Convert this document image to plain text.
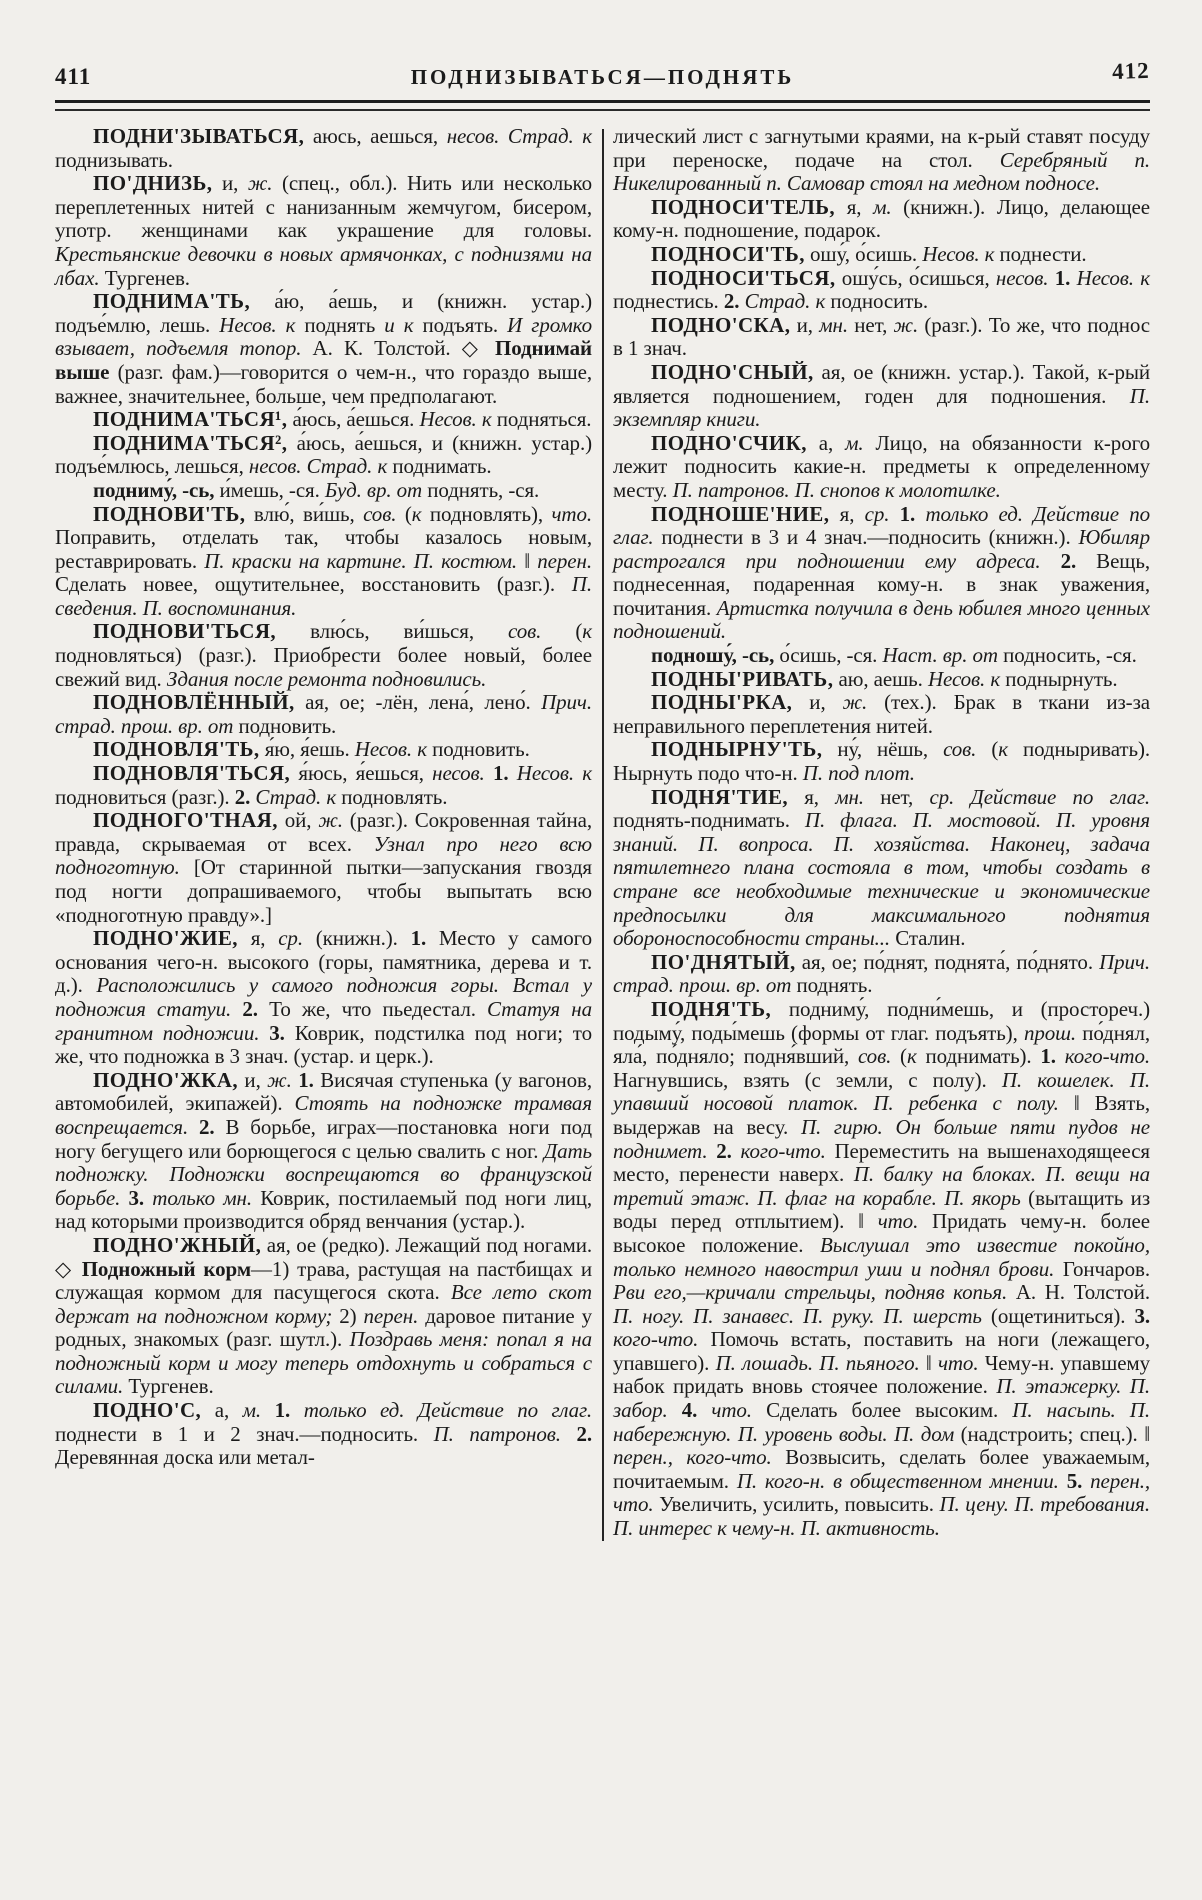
411	ПОДНИЗЫВАТЬСЯ—ПОДНЯТЬ	412

ПОДНИ'ЗЫВАТЬСЯ, аюсь, аешься, несов. Страд. к поднизывать.

ПО'ДНИЗЬ, и, ж. (спец., обл.). Нить или несколько переплетенных нитей с нанизанным жемчугом, бисером, употр. женщинами как украшение для головы. Крестьянские девочки в новых армячонках, с поднизями на лбах. Тургенев.

ПОДНИМА'ТЬ, а́ю, а́ешь, и (книжн. устар.) подъе́млю, лешь. Несов. к поднять и к подъять. И громко взывает, подъемля топор. А. К. Толстой. ◇ Поднимай выше (разг. фам.)—говорится о чем-н., что гораздо выше, важнее, значительнее, больше, чем предполагают.

ПОДНИМА'ТЬСЯ¹, а́юсь, а́ешься. Несов. к подняться.

ПОДНИМА'ТЬСЯ², а́юсь, а́ешься, и (книжн. устар.) подъе́млюсь, лешься, несов. Страд. к поднимать.

подниму́, -сь, и́мешь, -ся. Буд. вр. от поднять, -ся.

ПОДНОВИ'ТЬ, влю́, ви́шь, сов. (к подновлять), что. Поправить, отделать так, чтобы казалось новым, реставрировать. П. краски на картине. П. костюм. ‖ перен. Сделать новее, ощутительнее, восстановить (разг.). П. сведения. П. воспоминания.

ПОДНОВИ'ТЬСЯ, влю́сь, ви́шься, сов. (к подновляться) (разг.). Приобрести более новый, более свежий вид. Здания после ремонта подновились.

ПОДНОВЛЁННЫЙ, ая, ое; -лён, лена́, лено́. Прич. страд. прош. вр. от подновить.

ПОДНОВЛЯ'ТЬ, я́ю, я́ешь. Несов. к подновить.

ПОДНОВЛЯ'ТЬСЯ, я́юсь, я́ешься, несов. 1. Несов. к подновиться (разг.). 2. Страд. к подновлять.

ПОДНОГО'ТНАЯ, ой, ж. (разг.). Сокровенная тайна, правда, скрываемая от всех. Узнал про него всю подноготную. [От старинной пытки—запускания гвоздя под ногти допрашиваемого, чтобы выпытать всю «подноготную правду».]

ПОДНО'ЖИЕ, я, ср. (книжн.). 1. Место у самого основания чего-н. высокого (горы, памятника, дерева и т. д.). Расположились у самого подножия горы. Встал у подножия статуи. 2. То же, что пьедестал. Статуя на гранитном подножии. 3. Коврик, подстилка под ноги; то же, что подножка в 3 знач. (устар. и церк.).

ПОДНО'ЖКА, и, ж. 1. Висячая ступенька (у вагонов, автомобилей, экипажей). Стоять на подножке трамвая воспрещается. 2. В борьбе, играх—постановка ноги под ногу бегущего или борющегося с целью свалить с ног. Дать подножку. Подножки воспрещаются во французской борьбе. 3. только мн. Коврик, постилаемый под ноги лиц, над которыми производится обряд венчания (устар.).

ПОДНО'ЖНЫЙ, ая, ое (редко). Лежащий под ногами. ◇ Подножный корм—1) трава, растущая на пастбищах и служащая кормом для пасущегося скота. Все лето скот держат на подножном корму; 2) перен. даровое питание у родных, знакомых (разг. шутл.). Поздравь меня: попал я на подножный корм и могу теперь отдохнуть и собраться с силами. Тургенев.

ПОДНО'С, а, м. 1. только ед. Действие по глаг. поднести в 1 и 2 знач.—подносить. П. патронов. 2. Деревянная доска или метал-

лический лист с загнутыми краями, на к-рый ставят посуду при переноске, подаче на стол. Серебряный п. Никелированный п. Самовар стоял на медном подносе.

ПОДНОСИ'ТЕЛЬ, я, м. (книжн.). Лицо, делающее кому-н. подношение, подарок.

ПОДНОСИ'ТЬ, ошу́, о́сишь. Несов. к поднести.

ПОДНОСИ'ТЬСЯ, ошу́сь, о́сишься, несов. 1. Несов. к поднестись. 2. Страд. к подносить.

ПОДНО'СКА, и, мн. нет, ж. (разг.). То же, что поднос в 1 знач.

ПОДНО'СНЫЙ, ая, ое (книжн. устар.). Такой, к-рый является подношением, годен для подношения. П. экземпляр книги.

ПОДНО'СЧИК, а, м. Лицо, на обязанности к-рого лежит подносить какие-н. предметы к определенному месту. П. патронов. П. снопов к молотилке.

ПОДНОШЕ'НИЕ, я, ср. 1. только ед. Действие по глаг. поднести в 3 и 4 знач.—подносить (книжн.). Юбиляр растрогался при подношении ему адреса. 2. Вещь, поднесенная, подаренная кому-н. в знак уважения, почитания. Артистка получила в день юбилея много ценных подношений.

подношу́, -сь, о́сишь, -ся. Наст. вр. от подносить, -ся.

ПОДНЫ'РИВАТЬ, аю, аешь. Несов. к поднырнуть.

ПОДНЫ'РКА, и, ж. (тех.). Брак в ткани из-за неправильного переплетения нитей.

ПОДНЫРНУ'ТЬ, ну́, нёшь, сов. (к подныривать). Нырнуть подо что-н. П. под плот.

ПОДНЯ'ТИЕ, я, мн. нет, ср. Действие по глаг. поднять-поднимать. П. флага. П. мостовой. П. уровня знаний. П. вопроса. П. хозяйства. Наконец, задача пятилетнего плана состояла в том, чтобы создать в стране все необходимые технические и экономические предпосылки для максимального поднятия обороноспособности страны... Сталин.

ПО'ДНЯТЫЙ, ая, ое; по́днят, поднята́, по́днято. Прич. страд. прош. вр. от поднять.

ПОДНЯ'ТЬ, подниму́, подни́мешь, и (простореч.) подыму́, поды́мешь (формы от глаг. подъять), прош. по́днял, яла́, по́дняло; подня́вший, сов. (к поднимать). 1. кого-что. Нагнувшись, взять (с земли, с полу). П. кошелек. П. упавший носовой платок. П. ребенка с полу. ‖ Взять, выдержав на весу. П. гирю. Он больше пяти пудов не поднимет. 2. кого-что. Переместить на вышенаходящееся место, перенести наверх. П. балку на блоках. П. вещи на третий этаж. П. флаг на корабле. П. якорь (вытащить из воды перед отплытием). ‖ что. Придать чему-н. более высокое положение. Выслушал это известие покойно, только немного навострил уши и поднял брови. Гончаров. Рви его,—кричали стрельцы, подняв копья. А. Н. Толстой. П. ногу. П. занавес. П. руку. П. шерсть (ощетиниться). 3. кого-что. Помочь встать, поставить на ноги (лежащего, упавшего). П. лошадь. П. пьяного. ‖ что. Чему-н. упавшему набок придать вновь стоячее положение. П. этажерку. П. забор. 4. что. Сделать более высоким. П. насыпь. П. набережную. П. уровень воды. П. дом (надстроить; спец.). ‖ перен., кого-что. Возвысить, сделать более уважаемым, почитаемым. П. кого-н. в общественном мнении. 5. перен., что. Увеличить, усилить, повысить. П. цену. П. требования. П. интерес к чему-н. П. активность.
